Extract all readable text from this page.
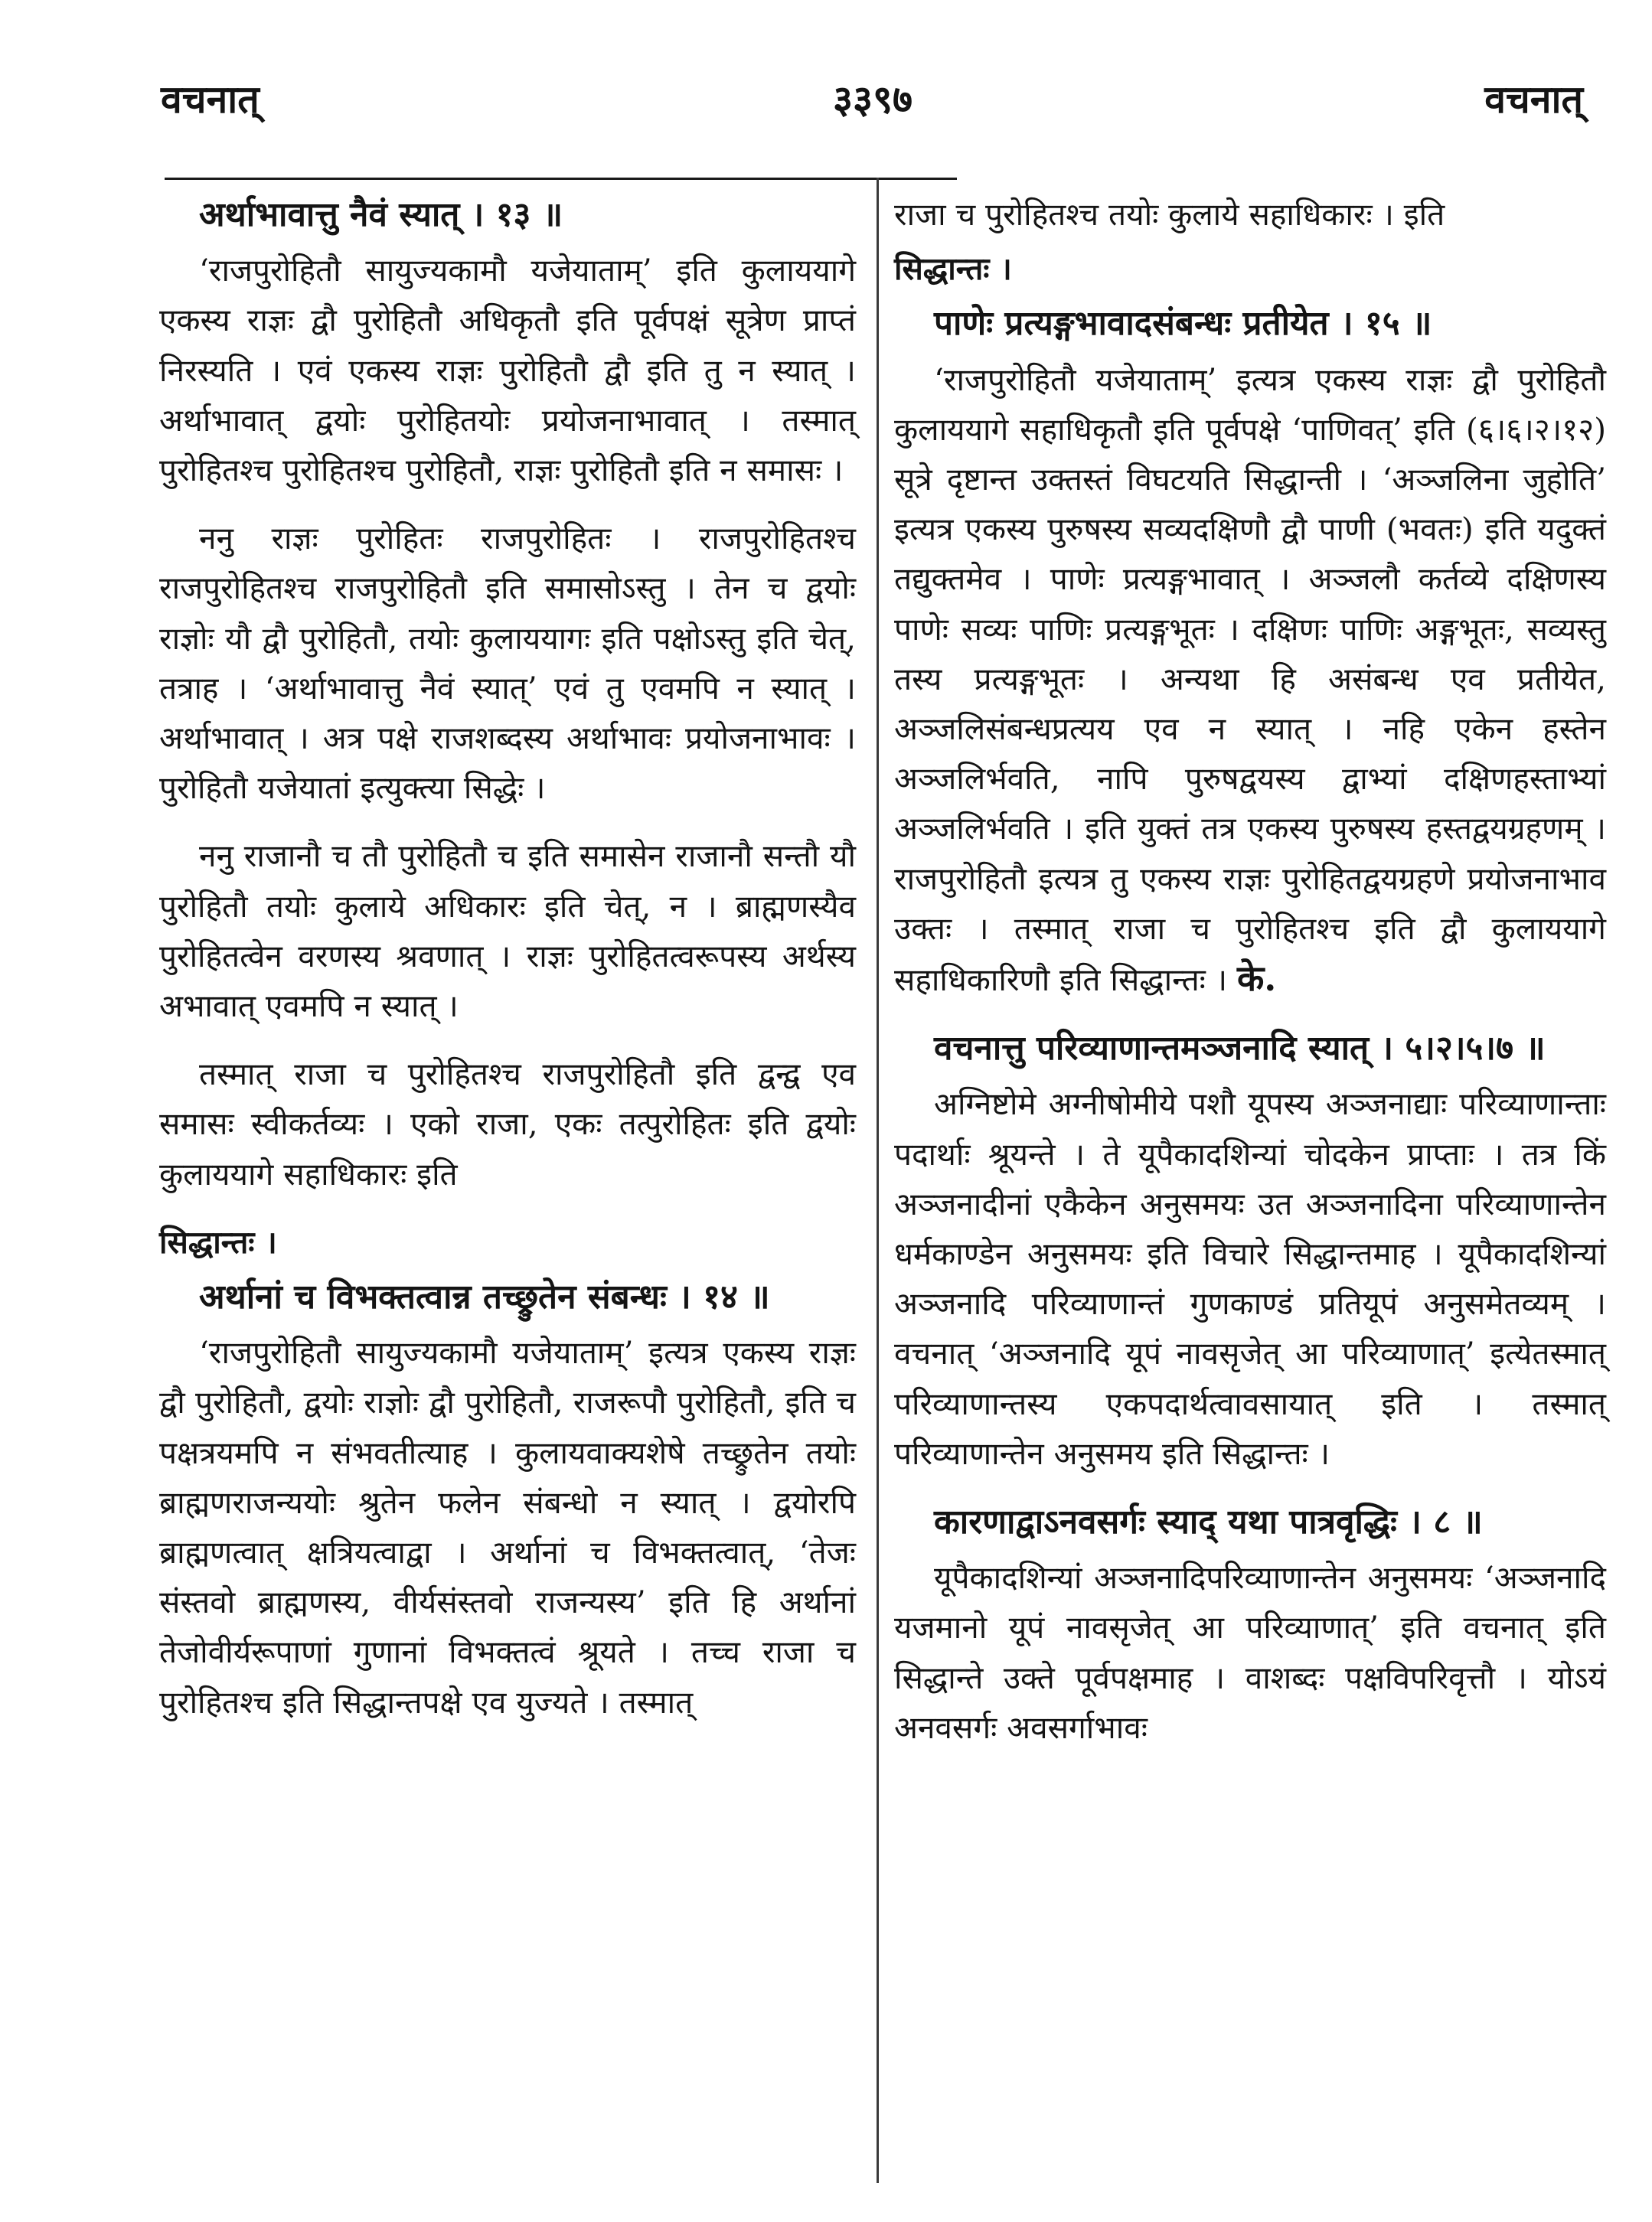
वचनात्	३३९७	वचनात्

अर्थाभावात्तु नैवं स्यात् । १३ ॥

‘राजपुरोहितौ सायुज्यकामौ यजेयाताम्’ इति कुलाययागे एकस्य राज्ञः द्वौ पुरोहितौ अधिकृतौ इति पूर्वपक्षं सूत्रेण प्राप्तं निरस्यति । एवं एकस्य राज्ञः पुरोहितौ द्वौ इति तु न स्यात् । अर्थाभावात् द्वयोः पुरोहितयोः प्रयोजनाभावात् । तस्मात् पुरोहितश्च पुरोहितश्च पुरोहितौ, राज्ञः पुरोहितौ इति न समासः ।

ननु राज्ञः पुरोहितः राजपुरोहितः । राजपुरोहितश्च राजपुरोहितश्च राजपुरोहितौ इति समासोऽस्तु । तेन च द्वयोः राज्ञोः यौ द्वौ पुरोहितौ, तयोः कुलाययागः इति पक्षोऽस्तु इति चेत्, तत्राह । ‘अर्थाभावात्तु नैवं स्यात्’ एवं तु एवमपि न स्यात् । अर्थाभावात् । अत्र पक्षे राजशब्दस्य अर्थाभावः प्रयोजनाभावः । पुरोहितौ यजेयातां इत्युक्त्या सिद्धेः ।

ननु राजानौ च तौ पुरोहितौ च इति समासेन राजानौ सन्तौ यौ पुरोहितौ तयोः कुलाये अधिकारः इति चेत्, न । ब्राह्मणस्यैव पुरोहितत्वेन वरणस्य श्रवणात् । राज्ञः पुरोहितत्वरूपस्य अर्थस्य अभावात् एवमपि न स्यात् ।

तस्मात् राजा च पुरोहितश्च राजपुरोहितौ इति द्वन्द्व एव समासः स्वीकर्तव्यः । एको राजा, एकः तत्पुरोहितः इति द्वयोः कुलाययागे सहाधिकारः इति

सिद्धान्तः ।

अर्थानां च विभक्तत्वान्न तच्छ्रुतेन संबन्धः । १४ ॥

‘राजपुरोहितौ सायुज्यकामौ यजेयाताम्’ इत्यत्र एकस्य राज्ञः द्वौ पुरोहितौ, द्वयोः राज्ञोः द्वौ पुरोहितौ, राजरूपौ पुरोहितौ, इति च पक्षत्रयमपि न संभवतीत्याह । कुलायवाक्यशेषे तच्छ्रुतेन तयोः ब्राह्मणराजन्ययोः श्रुतेन फलेन संबन्धो न स्यात् । द्वयोरपि ब्राह्मणत्वात् क्षत्रियत्वाद्वा । अर्थानां च विभक्तत्वात्, ‘तेजः संस्तवो ब्राह्मणस्य, वीर्यसंस्तवो राजन्यस्य’ इति हि अर्थानां तेजोवीर्यरूपाणां गुणानां विभक्तत्वं श्रूयते । तच्च राजा च पुरोहितश्च इति सिद्धान्तपक्षे एव युज्यते । तस्मात्

राजा च पुरोहितश्च तयोः कुलाये सहाधिकारः । इति

सिद्धान्तः ।

पाणेः प्रत्यङ्गभावादसंबन्धः प्रतीयेत । १५ ॥

‘राजपुरोहितौ यजेयाताम्’ इत्यत्र एकस्य राज्ञः द्वौ पुरोहितौ कुलाययागे सहाधिकृतौ इति पूर्वपक्षे ‘पाणिवत्’ इति (६।६।२।१२) सूत्रे दृष्टान्त उक्तस्तं विघटयति सिद्धान्ती । ‘अञ्जलिना जुहोति’ इत्यत्र एकस्य पुरुषस्य सव्यदक्षिणौ द्वौ पाणी (भवतः) इति यदुक्तं तद्युक्तमेव । पाणेः प्रत्यङ्गभावात् । अञ्जलौ कर्तव्ये दक्षिणस्य पाणेः सव्यः पाणिः प्रत्यङ्गभूतः । दक्षिणः पाणिः अङ्गभूतः, सव्यस्तु तस्य प्रत्यङ्गभूतः । अन्यथा हि असंबन्ध एव प्रतीयेत, अञ्जलिसंबन्धप्रत्यय एव न स्यात् । नहि एकेन हस्तेन अञ्जलिर्भवति, नापि पुरुषद्वयस्य द्वाभ्यां दक्षिणहस्ताभ्यां अञ्जलिर्भवति । इति युक्तं तत्र एकस्य पुरुषस्य हस्तद्वयग्रहणम् । राजपुरोहितौ इत्यत्र तु एकस्य राज्ञः पुरोहितद्वयग्रहणे प्रयोजनाभाव उक्तः । तस्मात् राजा च पुरोहितश्च इति द्वौ कुलाययागे सहाधिकारिणौ इति सिद्धान्तः । के.

वचनात्तु परिव्याणान्तमञ्जनादि स्यात् । ५।२।५।७ ॥

अग्निष्टोमे अग्नीषोमीये पशौ यूपस्य अञ्जनाद्याः परिव्याणान्ताः पदार्थाः श्रूयन्ते । ते यूपैकादशिन्यां चोदकेन प्राप्ताः । तत्र किं अञ्जनादीनां एकैकेन अनुसमयः उत अञ्जनादिना परिव्याणान्तेन धर्मकाण्डेन अनुसमयः इति विचारे सिद्धान्तमाह । यूपैकादशिन्यां अञ्जनादि परिव्याणान्तं गुणकाण्डं प्रतियूपं अनुसमेतव्यम् । वचनात् ‘अञ्जनादि यूपं नावसृजेत् आ परिव्याणात्’ इत्येतस्मात् परिव्याणान्तस्य एकपदार्थत्वावसायात् इति । तस्मात् परिव्याणान्तेन अनुसमय इति सिद्धान्तः ।

कारणाद्वाऽनवसर्गः स्याद् यथा पात्रवृद्धिः । ८ ॥

यूपैकादशिन्यां अञ्जनादिपरिव्याणान्तेन अनुसमयः ‘अञ्जनादि यजमानो यूपं नावसृजेत् आ परिव्याणात्’ इति वचनात् इति सिद्धान्ते उक्ते पूर्वपक्षमाह । वाशब्दः पक्षविपरिवृत्तौ । योऽयं अनवसर्गः अवसर्गाभावः
